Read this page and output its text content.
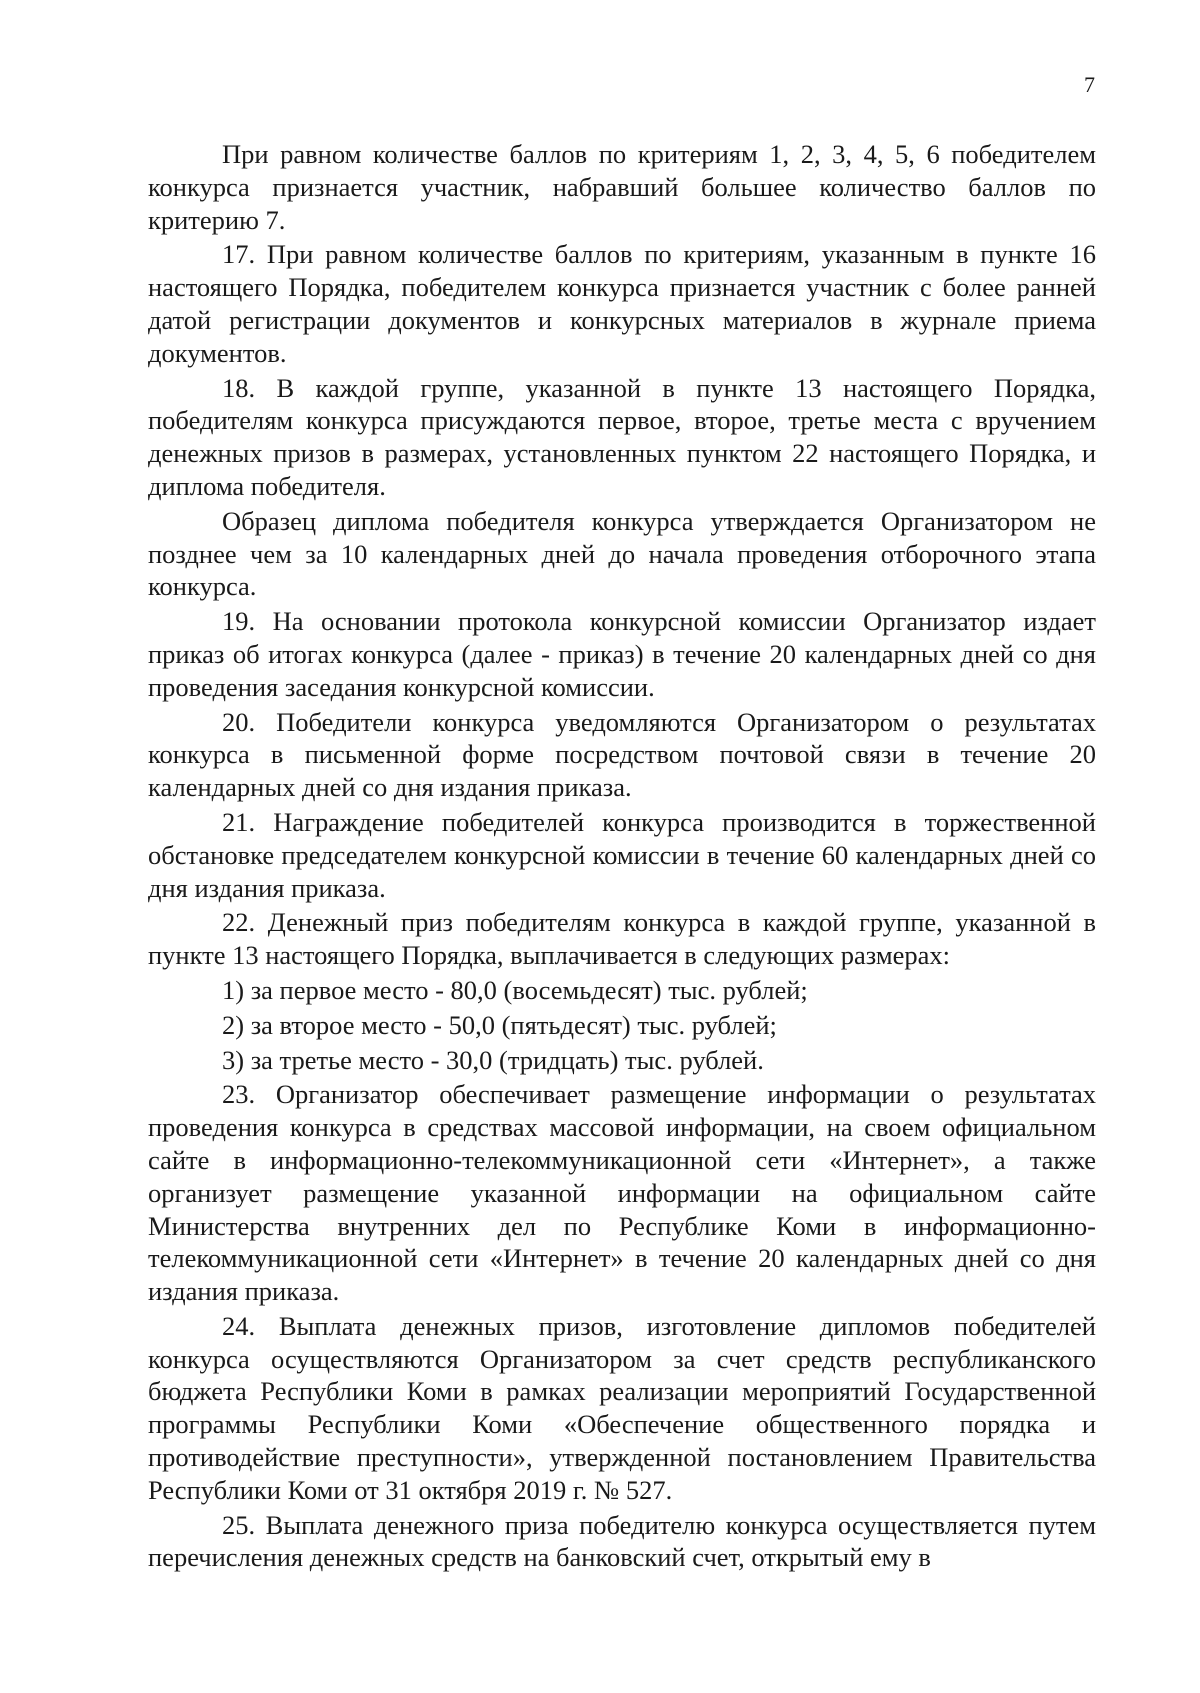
7

При равном количестве баллов по критериям 1, 2, 3, 4, 5, 6 победителем конкурса признается участник, набравший большее количество баллов по критерию 7.

17. При равном количестве баллов по критериям, указанным в пункте 16 настоящего Порядка, победителем конкурса признается участник с более ранней датой регистрации документов и конкурсных материалов в журнале приема документов.

18. В каждой группе, указанной в пункте 13 настоящего Порядка, победителям конкурса присуждаются первое, второе, третье места с вручением денежных призов в размерах, установленных пунктом 22 настоящего Порядка, и диплома победителя.

Образец диплома победителя конкурса утверждается Организатором не позднее чем за 10 календарных дней до начала проведения отборочного этапа конкурса.

19. На основании протокола конкурсной комиссии Организатор издает приказ об итогах конкурса (далее - приказ) в течение 20 календарных дней со дня проведения заседания конкурсной комиссии.

20. Победители конкурса уведомляются Организатором о результатах конкурса в письменной форме посредством почтовой связи в течение 20 календарных дней со дня издания приказа.

21. Награждение победителей конкурса производится в торжественной обстановке председателем конкурсной комиссии в течение 60 календарных дней со дня издания приказа.

22. Денежный приз победителям конкурса в каждой группе, указанной в пункте 13 настоящего Порядка, выплачивается в следующих размерах:

1) за первое место - 80,0 (восемьдесят) тыс. рублей;

2) за второе место - 50,0 (пятьдесят) тыс. рублей;

3) за третье место - 30,0 (тридцать) тыс. рублей.

23. Организатор обеспечивает размещение информации о результатах проведения конкурса в средствах массовой информации, на своем официальном сайте в информационно-телекоммуникационной сети «Интернет», а также организует размещение указанной информации на официальном сайте Министерства внутренних дел по Республике Коми в информационно-телекоммуникационной сети «Интернет» в течение 20 календарных дней со дня издания приказа.

24. Выплата денежных призов, изготовление дипломов победителей конкурса осуществляются Организатором за счет средств республиканского бюджета Республики Коми в рамках реализации мероприятий Государственной программы Республики Коми «Обеспечение общественного порядка и противодействие преступности», утвержденной постановлением Правительства Республики Коми от 31 октября 2019 г. № 527.

25. Выплата денежного приза победителю конкурса осуществляется путем перечисления денежных средств на банковский счет, открытый ему в
